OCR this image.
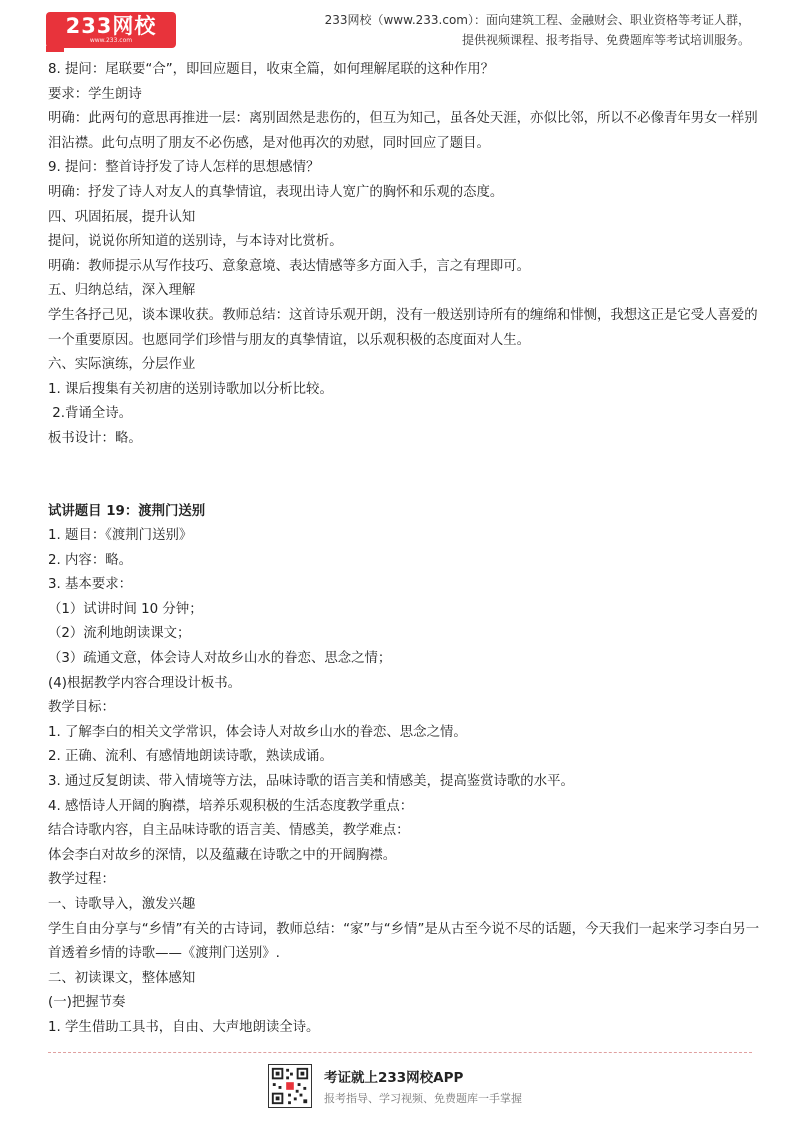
233网校
www.233.com
233网校（www.233.com）：面向建筑工程、金融财会、职业资格等考证人群，
提供视频课程、报考指导、免费题库等考试培训服务。

8. 提问：尾联要“合”，即回应题目，收束全篇，如何理解尾联的这种作用？

要求：学生朗诗

明确：此两句的意思再推进一层：离别固然是悲伤的，但互为知己，虽各处天涯，亦似比邻，所以不必像青年男女一样别泪沾襟。此句点明了朋友不必伤感，是对他再次的劝慰，同时回应了题目。

9. 提问：整首诗抒发了诗人怎样的思想感情？

明确：抒发了诗人对友人的真挚情谊，表现出诗人宽广的胸怀和乐观的态度。

四、巩固拓展，提升认知

提问，说说你所知道的送别诗，与本诗对比赏析。

明确：教师提示从写作技巧、意象意境、表达情感等多方面入手，言之有理即可。

五、归纳总结，深入理解

学生各抒己见，谈本课收获。教师总结：这首诗乐观开朗，没有一般送别诗所有的缠绵和悱恻，我想这正是它受人喜爱的一个重要原因。也愿同学们珍惜与朋友的真挚情谊，以乐观积极的态度面对人生。

六、实际演练，分层作业

1. 课后搜集有关初唐的送别诗歌加以分析比较。

2.背诵全诗。

板书设计：略。

试讲题目 19：渡荆门送别

1. 题目：《渡荆门送别》

2. 内容：略。

3. 基本要求：

（1）试讲时间 10 分钟；

（2）流利地朗读课文；

（3）疏通文意，体会诗人对故乡山水的眷恋、思念之情；

(4)根据教学内容合理设计板书。

教学目标：

1. 了解李白的相关文学常识，体会诗人对故乡山水的眷恋、思念之情。

2. 正确、流利、有感情地朗读诗歌，熟读成诵。

3. 通过反复朗读、带入情境等方法，品味诗歌的语言美和情感美，提高鉴赏诗歌的水平。

4. 感悟诗人开阔的胸襟，培养乐观积极的生活态度教学重点：

结合诗歌内容，自主品味诗歌的语言美、情感美，教学难点：

体会李白对故乡的深情，以及蕴藏在诗歌之中的开阔胸襟。

教学过程：

一、诗歌导入，激发兴趣

学生自由分享与“乡情”有关的古诗词，教师总结：“家”与“乡情”是从古至今说不尽的话题，今天我们一起来学习李白另一首透着乡情的诗歌——《渡荆门送别》.

二、初读课文，整体感知

(一)把握节奏

1. 学生借助工具书，自由、大声地朗读全诗。

考证就上233网校APP
报考指导、学习视频、免费题库一手掌握
